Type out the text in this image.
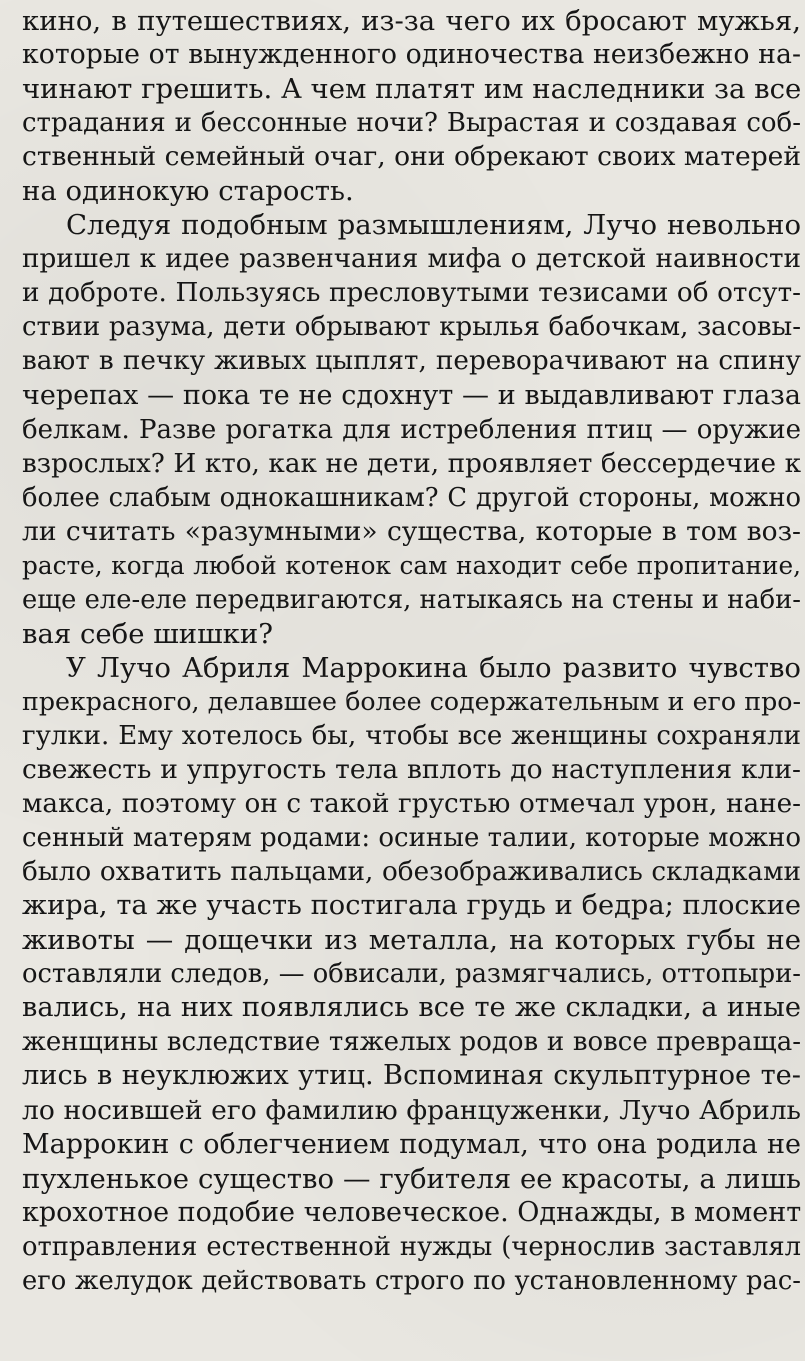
кино, в путешествиях, из-за чего их бросают мужья,
которые от вынужденного одиночества неизбежно на-
чинают грешить. А чем платят им наследники за все
страдания и бессонные ночи? Вырастая и создавая соб-
ственный семейный очаг, они обрекают своих матерей
на одинокую старость.
Следуя подобным размышлениям, Лучо невольно
пришел к идее развенчания мифа о детской наивности
и доброте. Пользуясь пресловутыми тезисами об отсут-
ствии разума, дети обрывают крылья бабочкам, засовы-
вают в печку живых цыплят, переворачивают на спину
черепах — пока те не сдохнут — и выдавливают глаза
белкам. Разве рогатка для истребления птиц — оружие
взрослых? И кто, как не дети, проявляет бессердечие к
более слабым однокашникам? С другой стороны, можно
ли считать «разумными» существа, которые в том воз-
расте, когда любой котенок сам находит себе пропитание,
еще еле-еле передвигаются, натыкаясь на стены и наби-
вая себе шишки?
У Лучо Абриля Маррокина было развито чувство
прекрасного, делавшее более содержательным и его про-
гулки. Ему хотелось бы, чтобы все женщины сохраняли
свежесть и упругость тела вплоть до наступления кли-
макса, поэтому он с такой грустью отмечал урон, нане-
сенный матерям родами: осиные талии, которые можно
было охватить пальцами, обезображивались складками
жира, та же участь постигала грудь и бедра; плоские
животы — дощечки из металла, на которых губы не
оставляли следов, — обвисали, размягчались, оттопыри-
вались, на них появлялись все те же складки, а иные
женщины вследствие тяжелых родов и вовсе превраща-
лись в неуклюжих утиц. Вспоминая скульптурное те-
ло носившей его фамилию француженки, Лучо Абриль
Маррокин с облегчением подумал, что она родила не
пухленькое существо — губителя ее красоты, а лишь
крохотное подобие человеческое. Однажды, в момент
отправления естественной нужды (чернослив заставлял
его желудок действовать строго по установленному рас-
